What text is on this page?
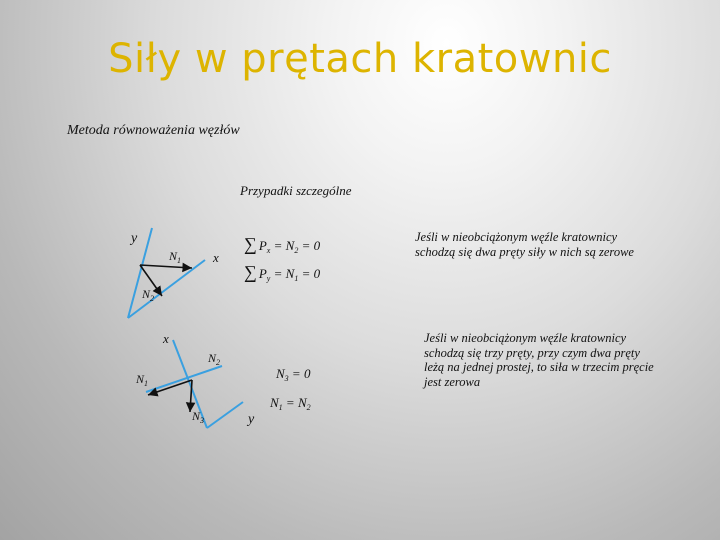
Siły w prętach kratownic
Metoda równoważenia węzłów
Przypadki szczególne
Jeśli w nieobciążonym węźle kratownicy schodzą się dwa pręty siły w nich są zerowe
Jeśli w nieobciążonym węźle kratownicy schodzą się trzy pręty, przy czym dwa pręty leżą na jednej prostej, to siła w trzecim pręcie jest zerowa
y
x
$N_1$
$N_2$
∑ $P_x = N_2 = 0$
∑ $P_y = N_1 = 0$
x
y
$N_1$
$N_2$
$N_3$
$N_3 = 0$
$N_1 = N_2$
